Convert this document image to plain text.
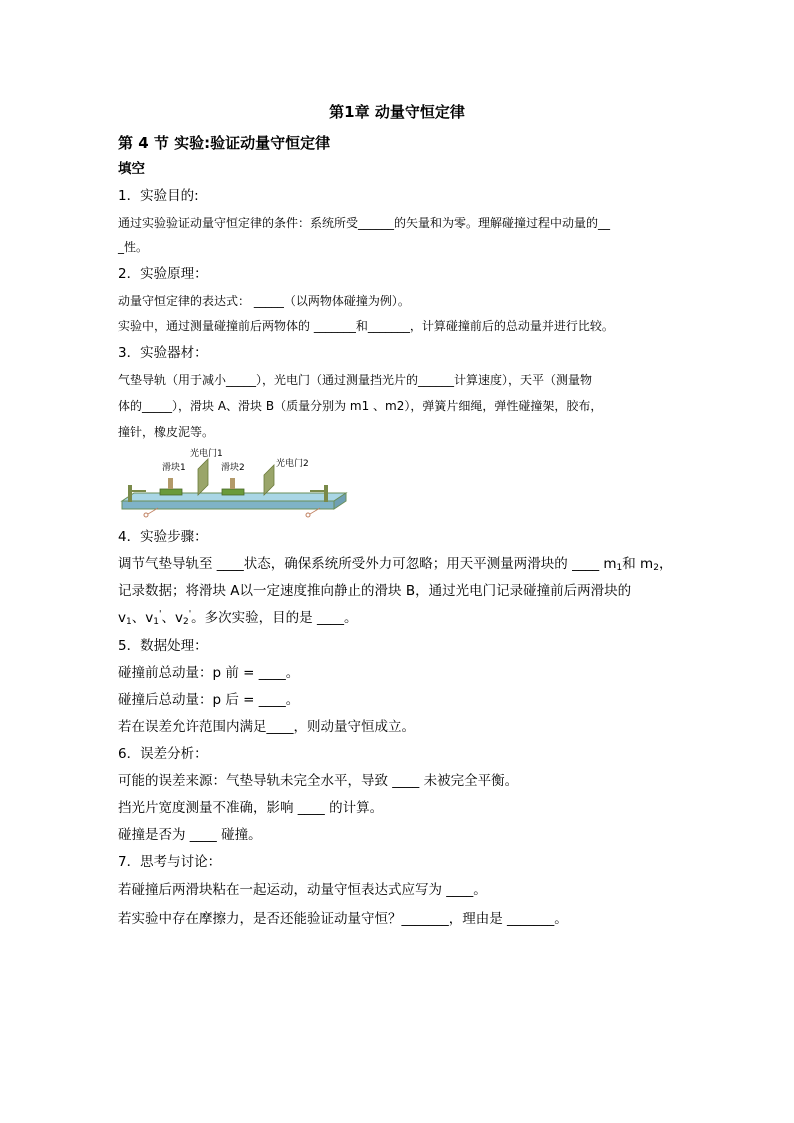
第1章 动量守恒定律
第 4 节 实验:验证动量守恒定律
填空
1．实验目的:
通过实验验证动量守恒定律的条件：系统所受______的矢量和为零。理解碰撞过程中动量的__
_性。
2．实验原理：
动量守恒定律的表达式： _____（以两物体碰撞为例）。
实验中，通过测量碰撞前后两物体的 _______和_______，计算碰撞前后的总动量并进行比较。
3．实验器材：
气垫导轨（用于减小_____），光电门（通过测量挡光片的______计算速度），天平（测量物
体的_____），滑块 A、滑块 B（质量分别为 m1 、m2），弹簧片细绳，弹性碰撞架，胶布，
撞针，橡皮泥等。
光电门1
滑块1	滑块2	光电门2
4．实验步骤：
调节气垫导轨至 ____状态，确保系统所受外力可忽略；用天平测量两滑块的 ____ $m_1$和 $m_2$，
记录数据；将滑块 A以一定速度推向静止的滑块 B，通过光电门记录碰撞前后两滑块的
$v_1$、$v_1'$、$v_2'$。多次实验，目的是 ____。
5．数据处理：
碰撞前总动量：p 前 = ____。
碰撞后总动量：p 后 = ____。
若在误差允许范围内满足____，则动量守恒成立。
6．误差分析：
可能的误差来源：气垫导轨未完全水平，导致 ____ 未被完全平衡。
挡光片宽度测量不准确，影响 ____ 的计算。
碰撞是否为 ____ 碰撞。
7．思考与讨论：
若碰撞后两滑块粘在一起运动，动量守恒表达式应写为 ____。
若实验中存在摩擦力，是否还能验证动量守恒？_______，理由是 _______。
